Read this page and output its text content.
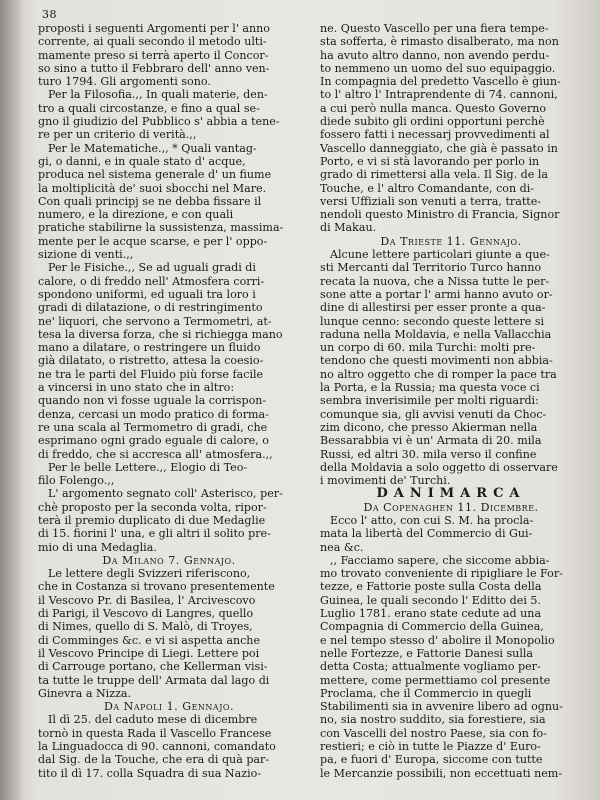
38
proposti i seguenti Argomenti per l' anno
corrente, ai quali secondo il metodo ulti-
mamente preso si terrà aperto il Concor-
so sino a tutto il Febbraro dell' anno ven-
turo 1794. Gli argomenti sono.
Per la Filosofia.,, In quali materie, den-
tro a quali circostanze, e fino a qual se-
gno il giudizio del Pubblico s' abbia a tene-
re per un criterio di verità.,,
Per le Matematiche.,, * Quali vantag-
gi, o danni, e in quale stato d' acque,
produca nel sistema generale d' un fiume
la moltiplicità de' suoi sbocchi nel Mare.
Con quali principj se ne debba fissare il
numero, e la direzione, e con quali
pratiche stabilirne la sussistenza, massima-
mente per le acque scarse, e per l' oppo-
sizione di venti.,,
Per le Fisiche.,, Se ad uguali gradi di
calore, o di freddo nell' Atmosfera corri-
spondono uniformi, ed uguali tra loro i
gradi di dilatazione, o di restringimento
ne' liquori, che servono a Termometri, at-
tesa la diversa forza, che si richiegga mano
mano a dilatare, o restringere un fluido
già dilatato, o ristretto, attesa la coesio-
ne tra le parti del Fluido più forse facile
a vincersi in uno stato che in altro:
quando non vi fosse uguale la corrispon-
denza, cercasi un modo pratico di forma-
re una scala al Termometro di gradi, che
esprimano ogni grado eguale di calore, o
di freddo, che si accresca all' atmosfera.,,
Per le belle Lettere.,, Elogio di Teo-
filo Folengo.,,
L' argomento segnato coll' Asterisco, per-
chè proposto per la seconda volta, ripor-
terà il premio duplicato di due Medaglie
di 15. fiorini l' una, e gli altri il solito pre-
mio di una Medaglia.
Da Milano 7. Gennajo.
Le lettere degli Svizzeri riferiscono,
che in Costanza si trovano presentemente
il Vescovo Pr. di Basilea, l' Arcivescovo
di Parigi, il Vescovo di Langres, quello
di Nimes, quello di S. Malò, di Troyes,
di Comminges &c. e vi si aspetta anche
il Vescovo Principe di Liegi. Lettere poi
di Carrouge portano, che Kellerman visi-
ta tutte le truppe dell' Armata dal lago di
Ginevra a Nizza.
Da Napoli 1. Gennajo.
Il dì 25. del caduto mese di dicembre
tornò in questa Rada il Vascello Francese
la Linguadocca di 90. cannoni, comandato
dal Sig. de la Touche, che era di quà par-
tito il dì 17. colla Squadra di sua Nazio-
ne. Questo Vascello per una fiera tempe-
sta sofferta, è rimasto disalberato, ma non
ha avuto altro danno, non avendo perdu-
to nemmeno un uomo del suo equipaggio.
In compagnia del predetto Vascello è giun-
to l' altro l' Intraprendente di 74. cannoni,
a cui però nulla manca. Questo Governo
diede subito gli ordini opportuni perchè
fossero fatti i necessarj provvedimenti al
Vascello danneggiato, che già è passato in
Porto, e vi si stà lavorando per porlo in
grado di rimettersi alla vela. Il Sig. de la
Touche, e l' altro Comandante, con di-
versi Uffiziali son venuti a terra, tratte-
nendoli questo Ministro di Francia, Signor
di Makau.
Da Trieste 11. Gennajo.
Alcune lettere particolari giunte a que-
sti Mercanti dal Territorio Turco hanno
recata la nuova, che a Nissa tutte le per-
sone atte a portar l' armi hanno avuto or-
dine di allestirsi per esser pronte a qua-
lunque cenno: secondo queste lettere si
raduna nella Moldavia, e nella Vallacchia
un corpo di 60. mila Turchi: molti pre-
tendono che questi movimenti non abbia-
no altro oggetto che di romper la pace tra
la Porta, e la Russia; ma questa voce ci
sembra inverisimile per molti riguardi:
comunque sia, gli avvisi venuti da Choc-
zim dicono, che presso Akierman nella
Bessarabbia vi è un' Armata di 20. mila
Russi, ed altri 30. mila verso il confine
della Moldavia a solo oggetto di osservare
i movimenti de' Turchi.
DANIMARCA
Da Copenaghen 11. Dicembre.
Ecco l' atto, con cui S. M. ha procla-
mata la libertà del Commercio di Gui-
nea &c.
,, Facciamo sapere, che siccome abbia-
mo trovato conveniente di ripigliare le For-
tezze, e Fattorie poste sulla Costa della
Guinea, le quali secondo l' Editto dei 5.
Luglio 1781. erano state cedute ad una
Compagnia di Commercio della Guinea,
e nel tempo stesso d' abolire il Monopolio
nelle Fortezze, e Fattorie Danesi sulla
detta Costa; attualmente vogliamo per-
mettere, come permettiamo col presente
Proclama, che il Commercio in quegli
Stabilimenti sia in avvenire libero ad ognu-
no, sia nostro suddito, sia forestiere, sia
con Vascelli del nostro Paese, sia con fo-
restieri; e ciò in tutte le Piazze d' Euro-
pa, e fuori d' Europa, siccome con tutte
le Mercanzie possibili, non eccettuati nem-
